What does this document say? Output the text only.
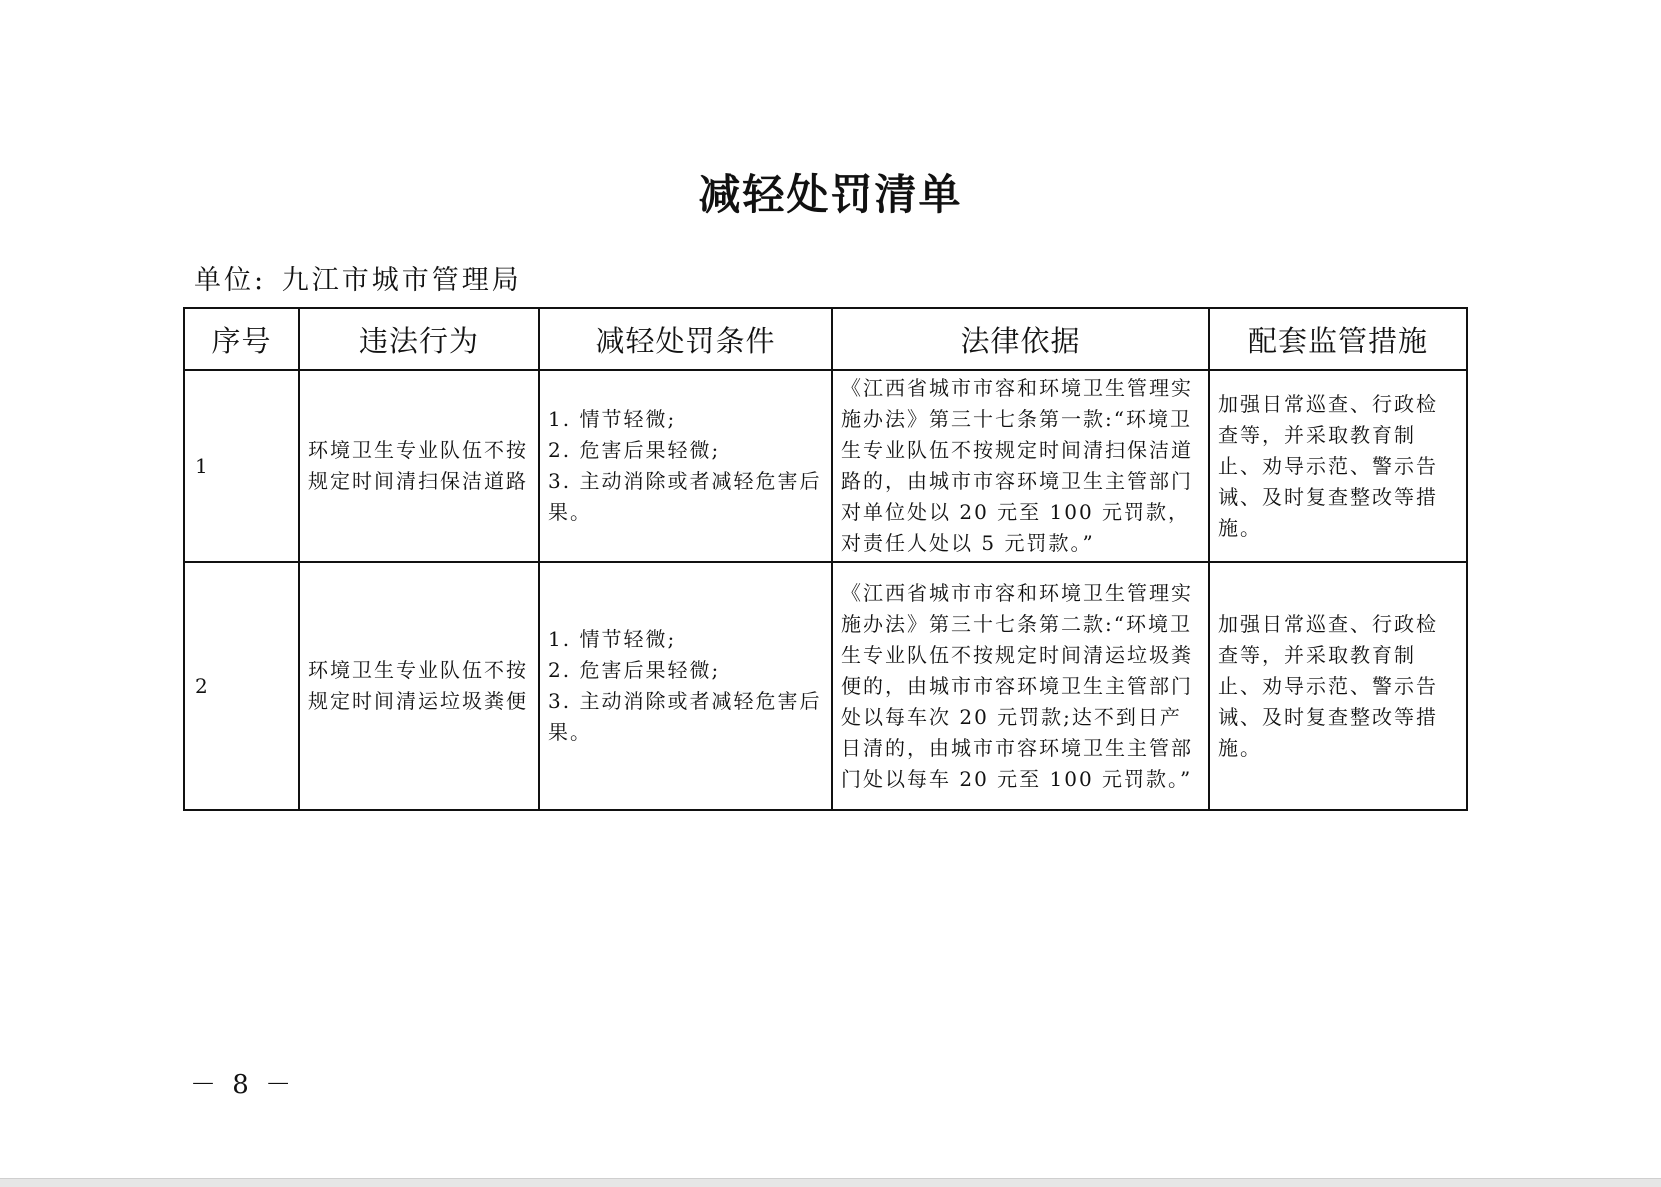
减轻处罚清单
单位: 九江市城市管理局
序号	违法行为	减轻处罚条件	法律依据	配套监管措施
1	环境卫生专业队伍不按规定时间清扫保洁道路	1. 情节轻微;
2. 危害后果轻微;
3. 主动消除或者减轻危害后果。	《江西省城市市容和环境卫生管理实施办法》第三十七条第一款:“环境卫生专业队伍不按规定时间清扫保洁道路的，由城市市容环境卫生主管部门对单位处以 20 元至 100 元罚款，对责任人处以 5 元罚款。”	加强日常巡查、行政检查等，并采取教育制止、劝导示范、警示告诫、及时复查整改等措施。
2	环境卫生专业队伍不按规定时间清运垃圾粪便	1. 情节轻微;
2. 危害后果轻微;
3. 主动消除或者减轻危害后果。	《江西省城市市容和环境卫生管理实施办法》第三十七条第二款:“环境卫生专业队伍不按规定时间清运垃圾粪便的，由城市市容环境卫生主管部门处以每车次 20 元罚款;达不到日产日清的，由城市市容环境卫生主管部门处以每车 20 元至 100 元罚款。”	加强日常巡查、行政检查等，并采取教育制止、劝导示范、警示告诫、及时复查整改等措施。
－ 8 －
